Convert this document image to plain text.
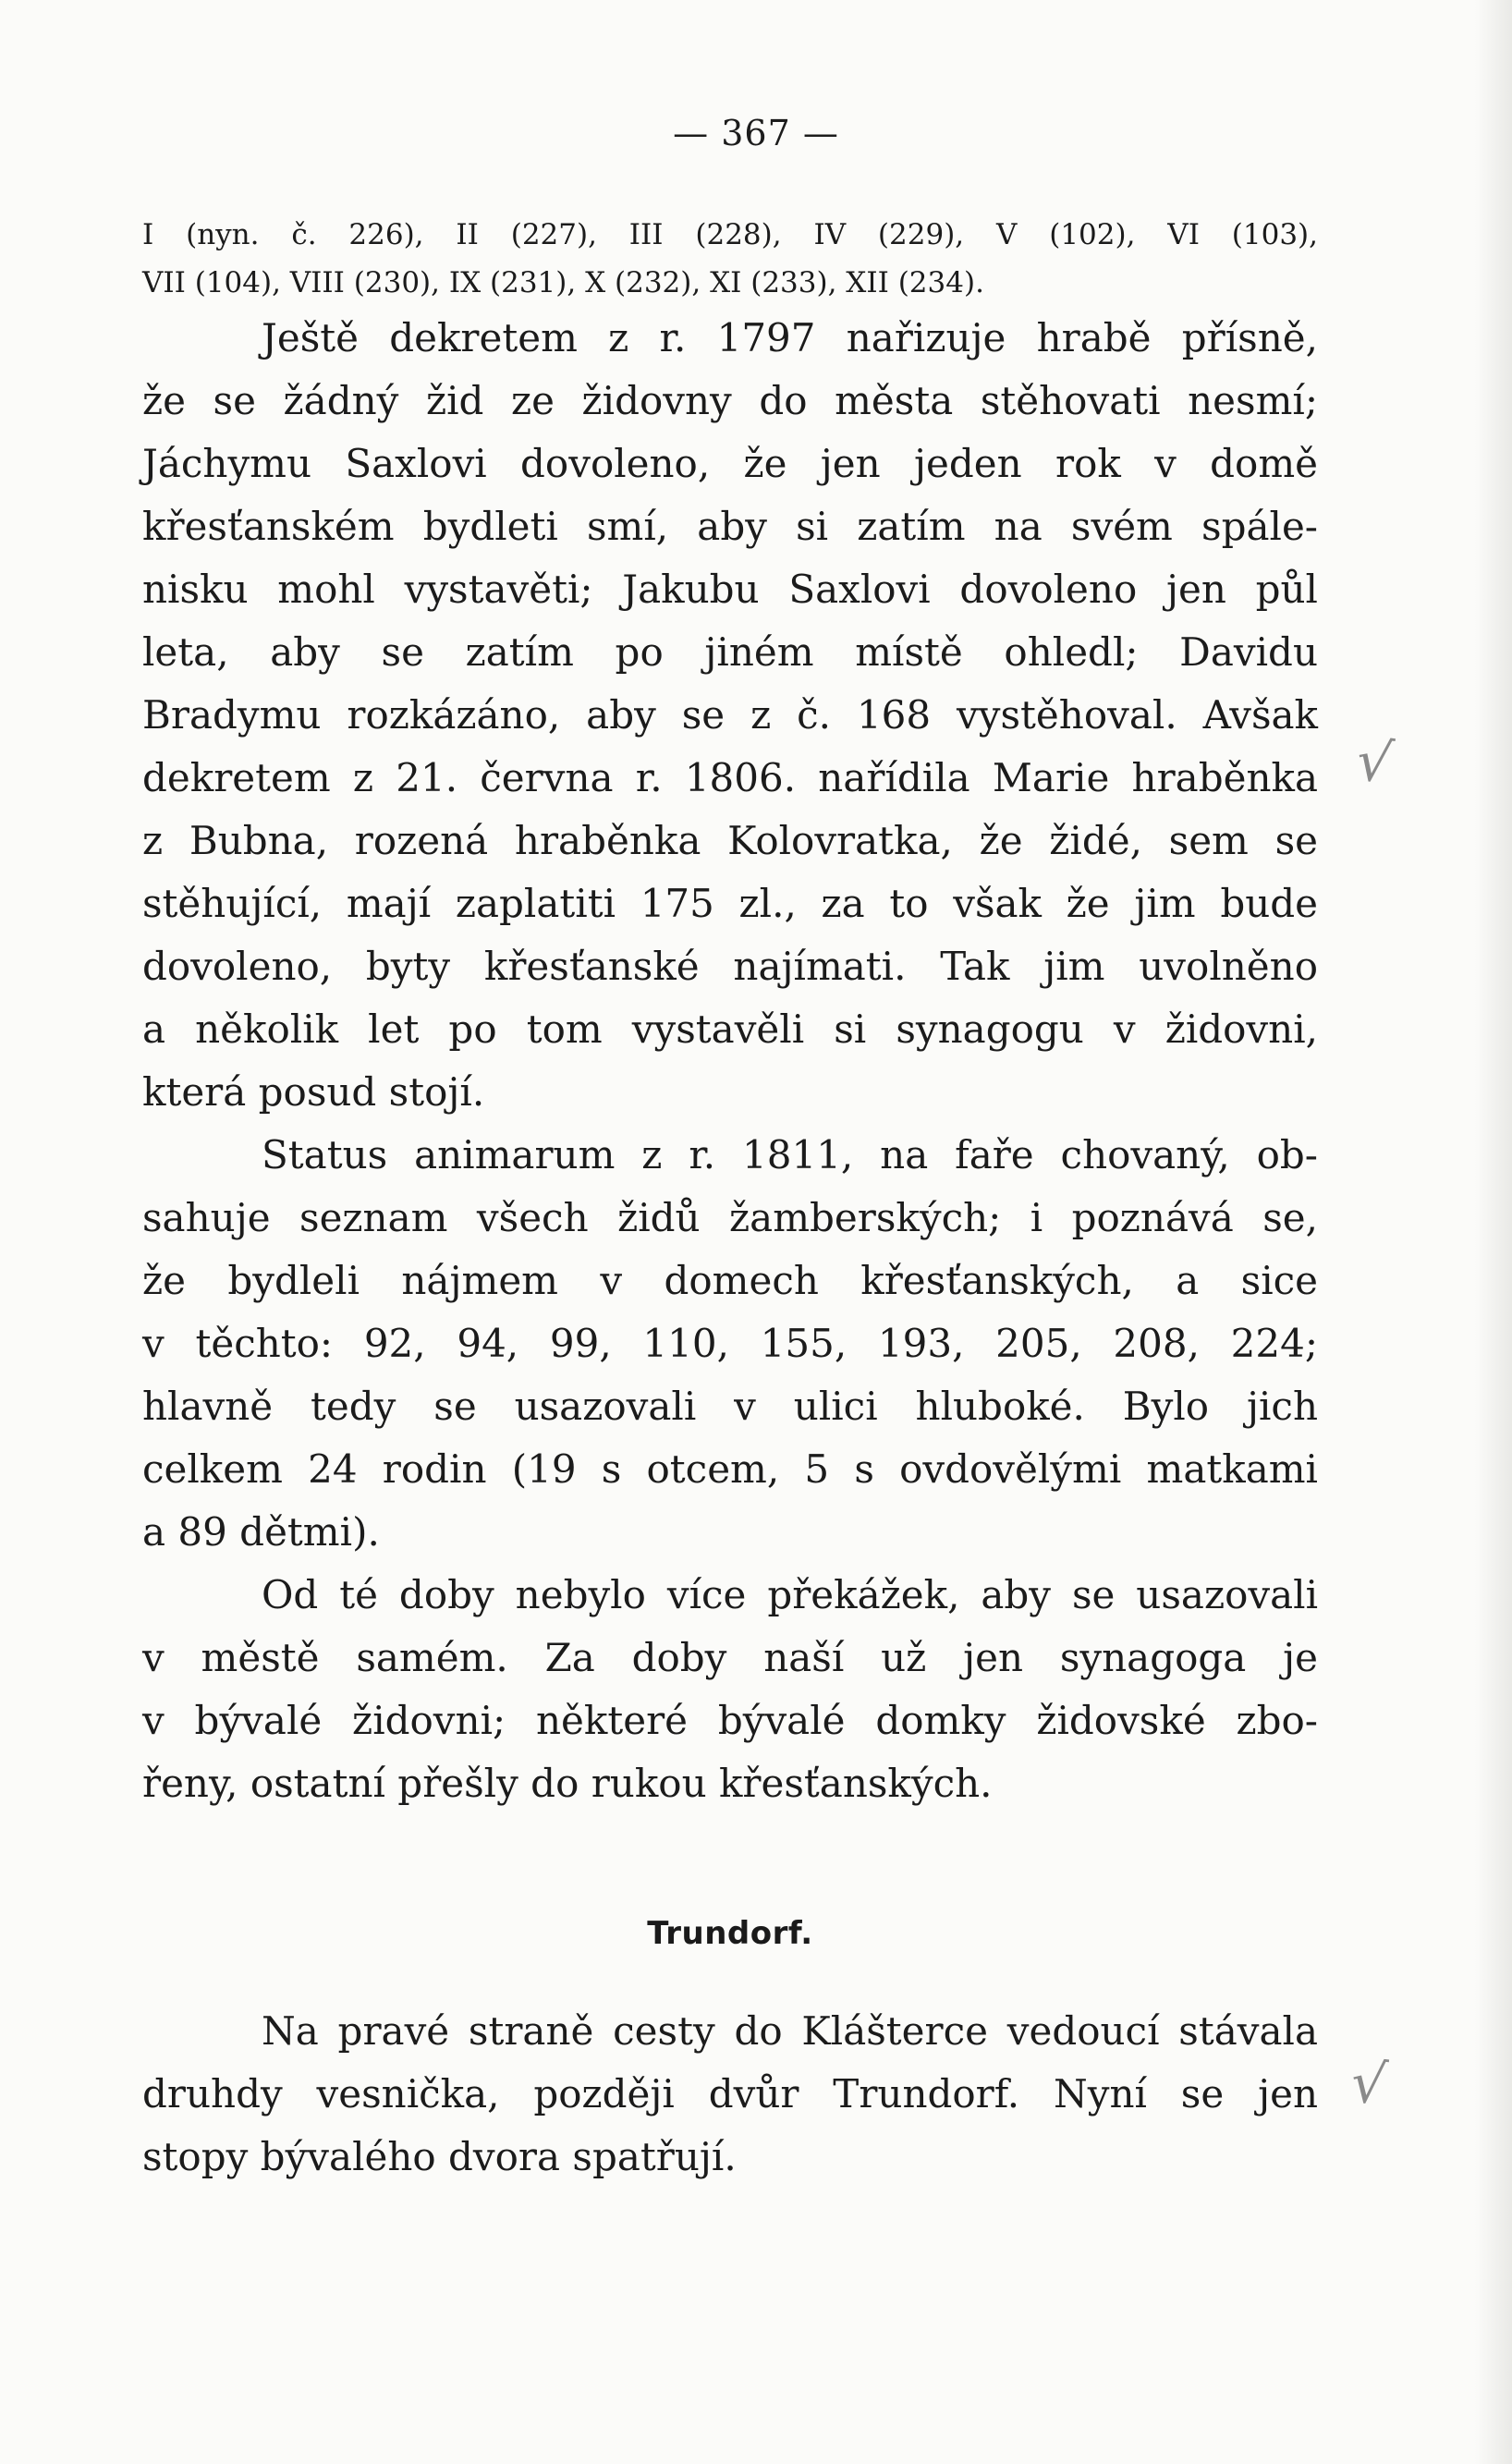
— 367 —
I (nyn. č. 226), II (227), III (228), IV (229), V (102), VI (103),
VII (104), VIII (230), IX (231), X (232), XI (233), XII (234).
Ještě dekretem z r. 1797 nařizuje hrabě přísně,
že se žádný žid ze židovny do města stěhovati nesmí;
Jáchymu Saxlovi dovoleno, že jen jeden rok v domě
křesťanském bydleti smí, aby si zatím na svém spále-
nisku mohl vystavěti; Jakubu Saxlovi dovoleno jen půl
leta, aby se zatím po jiném místě ohledl; Davidu
Bradymu rozkázáno, aby se z č. 168 vystěhoval. Avšak
dekretem z 21. června r. 1806. nařídila Marie hraběnka
z Bubna, rozená hraběnka Kolovratka, že židé, sem se
stěhující, mají zaplatiti 175 zl., za to však že jim bude
dovoleno, byty křesťanské najímati. Tak jim uvolněno
a několik let po tom vystavěli si synagogu v židovni,
která posud stojí.
Status animarum z r. 1811, na faře chovaný, ob-
sahuje seznam všech židů žamberských; i poznává se,
že bydleli nájmem v domech křesťanských, a sice
v těchto: 92, 94, 99, 110, 155, 193, 205, 208, 224;
hlavně tedy se usazovali v ulici hluboké. Bylo jich
celkem 24 rodin (19 s otcem, 5 s ovdovělými matkami
a 89 dětmi).
Od té doby nebylo více překážek, aby se usazovali
v městě samém. Za doby naší už jen synagoga je
v bývalé židovni; některé bývalé domky židovské zbo-
řeny, ostatní přešly do rukou křesťanských.
Trundorf.
Na pravé straně cesty do Klášterce vedoucí stávala
druhdy vesnička, později dvůr Trundorf. Nyní se jen
stopy bývalého dvora spatřují.
√
√
